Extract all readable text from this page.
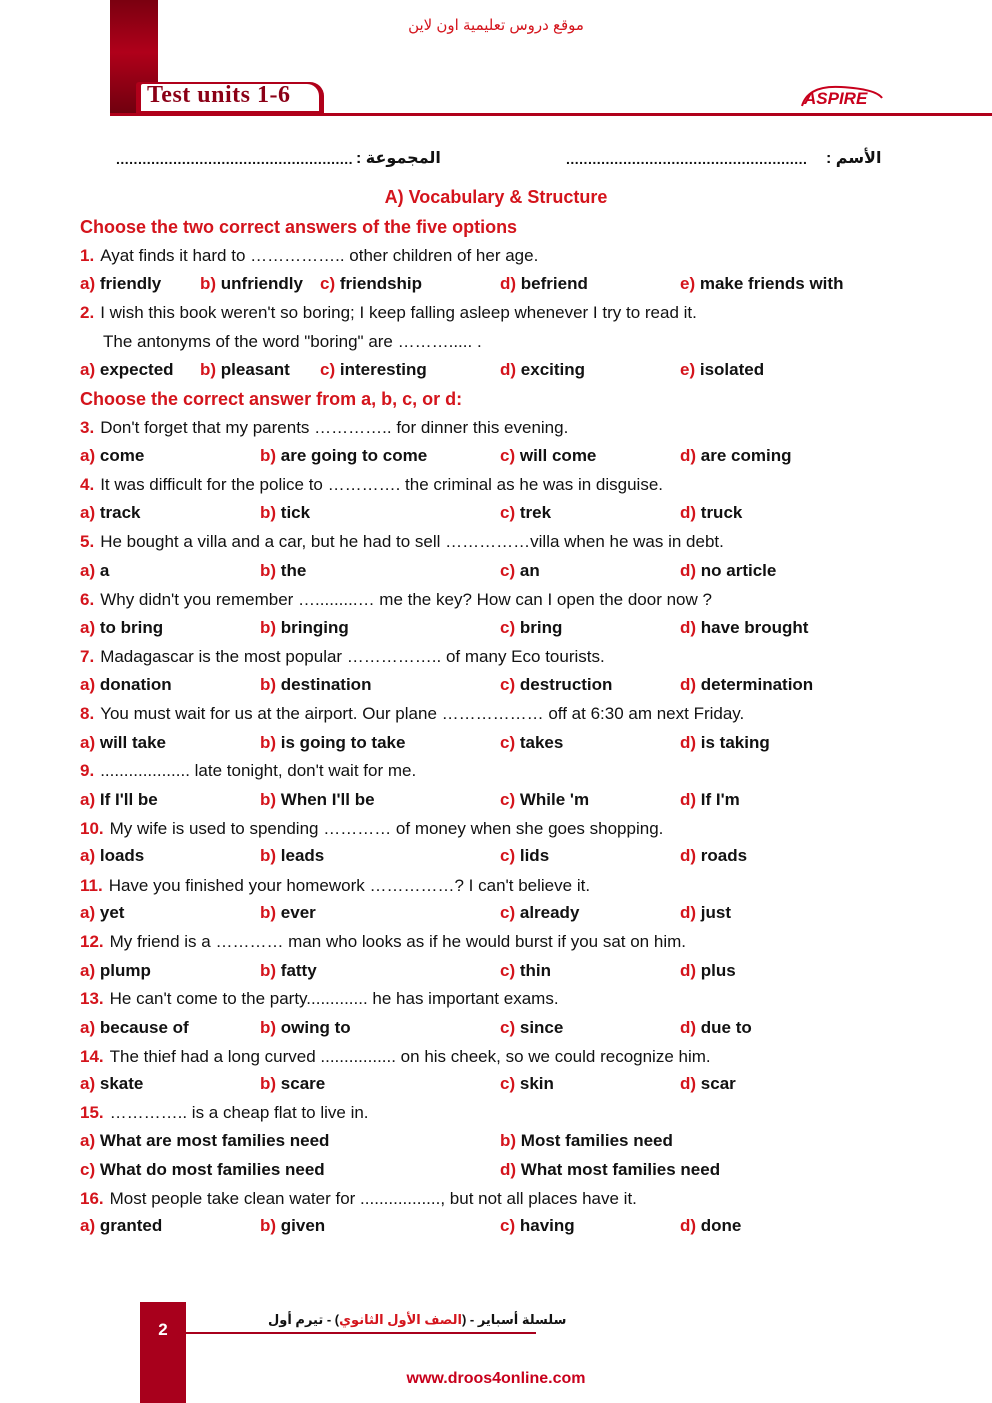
موقع دروس تعليمية اون لاين
Test units 1-6	ASPIRE
المجموعة :
......................................................	الأسم :
.......................................................
A) Vocabulary & Structure
Choose the two correct answers of the five options
1. Ayat finds it hard to …………….. other children of her age.
a) friendly b) unfriendly c) friendship	d) befriend	e) make friends with
2. I wish this book weren't so boring; I keep falling asleep whenever I try to read it.
The antonyms of the word "boring" are ………..... .
a) expected b) pleasant c) interesting	d) exciting	e) isolated
3. Don't forget that my parents ………….. for dinner this evening.
a) come	b) are going to come	c) will come	d) are coming
4. It was difficult for the police to …………. the criminal as he was in disguise.
a) track	b) tick	c) trek	d) truck
5. He bought a villa and a car, but he had to sell ……………villa when he was in debt.
a) a	b) the	c) an	d) no article
6. Why didn't you remember ….........… me the key? How can I open the door now ?
a) to bring	b) bringing	c) bring	d) have brought
7. Madagascar is the most popular …………….. of many Eco tourists.
a) donation	b) destination	c) destruction	d) determination
8. You must wait for us at the airport. Our plane ……………… off at 6:30 am next Friday.
a) will take	b) is going to take	c) takes	d) is taking
9. ................... late tonight, don't wait for me.
a) If I'll be	b) When I'll be	c) While 'm	d) If I'm
10. My wife is used to spending ………… of money when she goes shopping.
a) loads	b) leads	c) lids	d) roads
11. Have you finished your homework ……………? I can't believe it.
a) yet	b) ever	c) already	d) just
12. My friend is a ………… man who looks as if he would burst if you sat on him.
a) plump	b) fatty	c) thin	d) plus
13. He can't come to the party............. he has important exams.
a) because of	b) owing to	c) since	d) due to
14. The thief had a long curved ................ on his cheek, so we could recognize him.
a) skate	b) scare	c) skin	d) scar
15. ………….. is a cheap flat to live in.
a) What are most families need	b) Most families need
c) What do most families need	d) What most families need
16. Most people take clean water for ................., but not all places have it.
a) granted	b) given	c) having	d) done
Choose the correct answer from a, b, c, or d:
2
سلسلة أسباير - (الصف الأول الثانوي) - تيرم أول
www.droos4online.com
